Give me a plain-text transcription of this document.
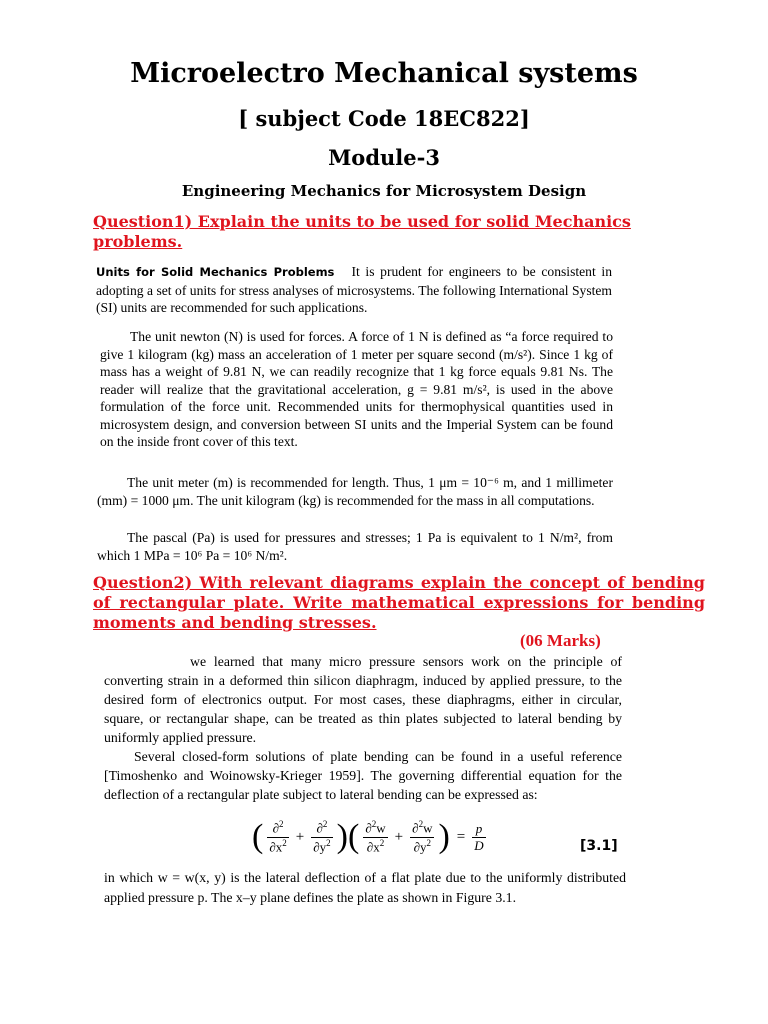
Microelectro Mechanical systems
[ subject Code 18EC822]
Module-3
Engineering Mechanics for Microsystem Design
Question1) Explain the units to be used for solid Mechanics problems.
Units for Solid Mechanics Problems It is prudent for engineers to be consistent in adopting a set of units for stress analyses of microsystems. The following International System (SI) units are recommended for such applications.
The unit newton (N) is used for forces. A force of 1 N is defined as “a force required to give 1 kilogram (kg) mass an acceleration of 1 meter per square second (m/s²). Since 1 kg of mass has a weight of 9.81 N, we can readily recognize that 1 kg force equals 9.81 Ns. The reader will realize that the gravitational acceleration, g = 9.81 m/s², is used in the above formulation of the force unit. Recommended units for thermophysical quantities used in microsystem design, and conversion between SI units and the Imperial System can be found on the inside front cover of this text.
The unit meter (m) is recommended for length. Thus, 1 μm = 10⁻⁶ m, and 1 millimeter (mm) = 1000 μm. The unit kilogram (kg) is recommended for the mass in all computations.
The pascal (Pa) is used for pressures and stresses; 1 Pa is equivalent to 1 N/m², from which 1 MPa = 10⁶ Pa = 10⁶ N/m².
Question2) With relevant diagrams explain the concept of bending of rectangular plate. Write mathematical expressions for bending moments and bending stresses.
(06 Marks)
we learned that many micro pressure sensors work on the principle of converting strain in a deformed thin silicon diaphragm, induced by applied pressure, to the desired form of electronics output. For most cases, these diaphragms, either in circular, square, or rectangular shape, can be treated as thin plates subjected to lateral bending by uniformly applied pressure.
Several closed-form solutions of plate bending can be found in a useful reference [Timoshenko and Woinowsky-Krieger 1959]. The governing differential equation for the deflection of a rectangular plate subject to lateral bending can be expressed as:
( $\frac{\partial^2}{\partial x^2} + \frac{\partial^2}{\partial y^2}$ )( $\frac{\partial^2w}{\partial x^2} + \frac{\partial^2w}{\partial y^2}$ ) = $\frac{p}{D}$	[3.1]
in which w = w(x, y) is the lateral deflection of a flat plate due to the uniformly distributed applied pressure p. The x–y plane defines the plate as shown in Figure 3.1.
